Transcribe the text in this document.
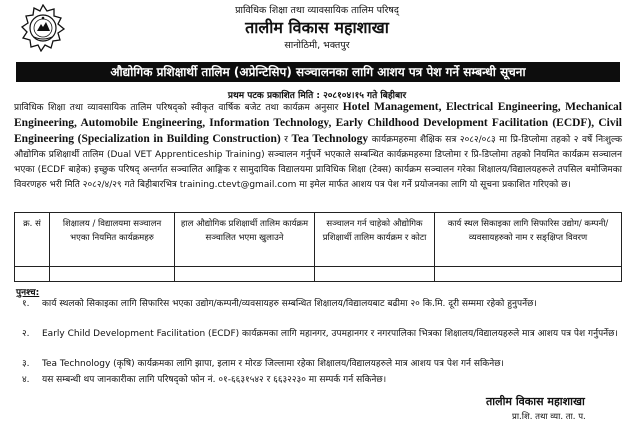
प्राविधिक शिक्षा तथा व्यावसायिक तालिम परिषद्
तालीम विकास महाशाखा
सानोठिमी, भक्तपुर
औद्योगिक प्रशिक्षार्थी तालिम (अप्रेन्टिसिप) सञ्चालनका लागि आशय पत्र पेश गर्ने सम्बन्धी सूचना
प्रथम पटक प्रकाशित मिति : २०८१०४।१५ गते बिहीबार
प्राविधिक शिक्षा तथा व्यावसायिक तालिम परिषद्को स्वीकृत वार्षिक बजेट तथा कार्यक्रम अनुसार Hotel Management, Electrical Engineering, Mechanical Engineering, Automobile Engineering, Information Technology, Early Childhood Development Facilitation (ECDF), Civil Engineering (Specialization in Building Construction) र Tea Technology कार्यक्रमहरुमा शैक्षिक सत्र २०८२/०८३ मा प्रि-डिप्लोमा तहको २ वर्षे निःशुल्क औद्योगिक प्रशिक्षार्थी तालिम (Dual VET Apprenticeship Training) सञ्चालन गर्नुपर्ने भएकाले सम्बन्धित कार्यक्रमहरुमा डिप्लोमा र प्रि-डिप्लोमा तहको नियमित कार्यक्रम सञ्चालन भएका (ECDF बाहेक) इच्छुक परिषद् अन्तर्गत सञ्चालित आङ्गिक र सामुदायिक विद्यालयमा प्राविधिक शिक्षा (टेक्स) कार्यक्रम सञ्चालन गरेका शिक्षालय/विद्यालयहरूले तपसिल बमोजिमका विवरणहरु भरी मिति २०८२/४/२९ गते बिहीबारभित्र training.ctevt@gmail.com मा इमेल मार्फत आशय पत्र पेश गर्ने प्रयोजनका लागि यो सूचना प्रकाशित गरिएको छ।
क्र. सं	शिक्षालय / विद्यालयमा सञ्चालन भएका नियमित कार्यक्रमहरु
हाल औद्योगिक प्रशिक्षार्थी तालिम कार्यक्रम सञ्चालित भएमा खुलाउने
सञ्चालन गर्न चाहेको औद्योगिक प्रशिक्षार्थी तालिम कार्यक्रम र कोटा
कार्य स्थल सिकाइका लागि सिफारिस उद्योग/ कम्पनी/ व्यवसायहरुको नाम र सङ्क्षिप्त विवरण
पुनश्च:
१. कार्य स्थलको सिकाइका लागि सिफारिस भएका उद्योग/कम्पनी/व्यवसायहरु सम्बन्धित शिक्षालय/विद्यालयबाट बढीमा २० कि.मि. दूरी सम्ममा रहेको हुनुपर्नेछ।
२. Early Child Development Facilitation (ECDF) कार्यक्रमका लागि महानगर, उपमहानगर र नगरपालिका भित्रका शिक्षालय/विद्यालयहरुले मात्र आशय पत्र पेश गर्नुपर्नेछ।
३. Tea Technology (कृषि) कार्यक्रमका लागि झापा, इलाम र मोरङ जिल्लामा रहेका शिक्षालय/विद्यालयहरुले मात्र आशय पत्र पेश गर्न सकिनेछ।
४. यस सम्बन्धी थप जानकारीका लागि परिषद्को फोन नं. ०१-६६३१५४२ र ६६३२२३० मा सम्पर्क गर्न सकिनेछ।
तालीम विकास महाशाखा
प्रा.शि. तथा व्या. ता. प.
